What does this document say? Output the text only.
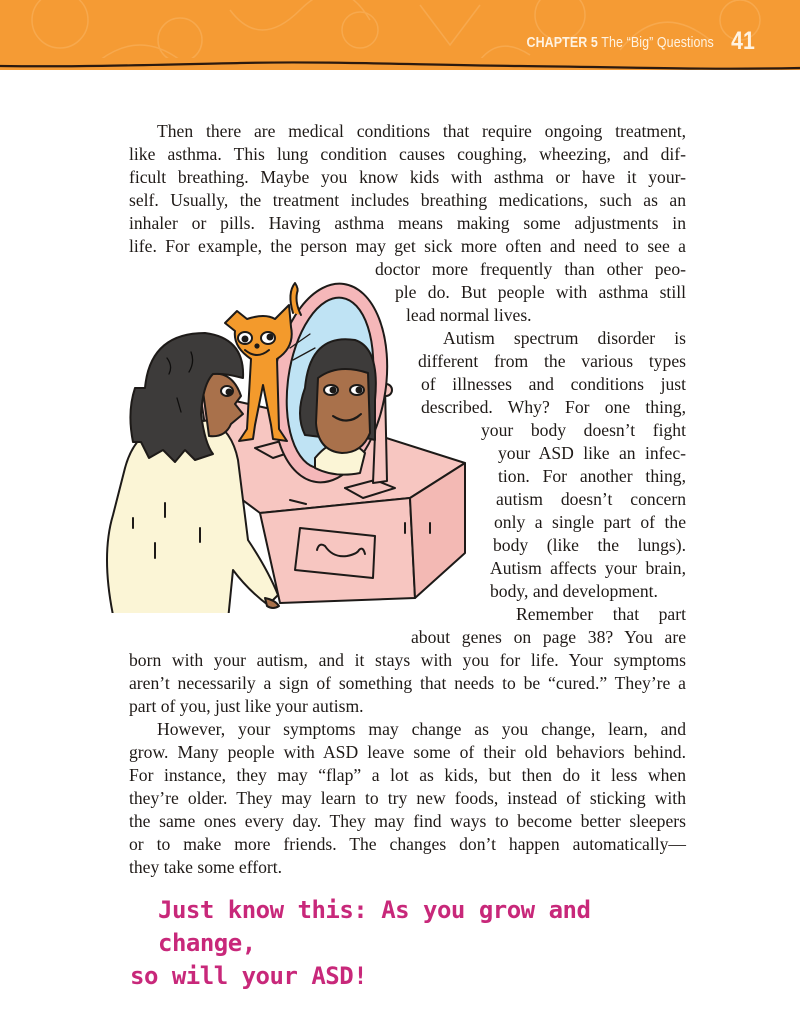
CHAPTER 5 The “Big” Questions 41
Then there are medical conditions that require ongoing treatment,
like asthma. This lung condition causes coughing, wheezing, and dif-
ficult breathing. Maybe you know kids with asthma or have it your-
self. Usually, the treatment includes breathing medications, such as an
inhaler or pills. Having asthma means making some adjustments in
life. For example, the person may get sick more often and need to see a
doctor more frequently than other peo-
ple do. But people with asthma still
lead normal lives.
Autism spectrum disorder is
different from the various types
of illnesses and conditions just
described. Why? For one thing,
your body doesn’t fight
your ASD like an infec-
tion. For another thing,
autism doesn’t concern
only a single part of the
body (like the lungs).
Autism affects your brain,
body, and development.
Remember that part
about genes on page 38? You are
born with your autism, and it stays with you for life. Your symptoms
aren’t necessarily a sign of something that needs to be “cured.” They’re a
part of you, just like your autism.
However, your symptoms may change as you change, learn, and
grow. Many people with ASD leave some of their old behaviors behind.
For instance, they may “flap” a lot as kids, but then do it less when
they’re older. They may learn to try new foods, instead of sticking with
the same ones every day. They may find ways to become better sleepers
or to make more friends. The changes don’t happen automatically—
they take some effort.
Just know this: As you grow and change,
so will your ASD!
